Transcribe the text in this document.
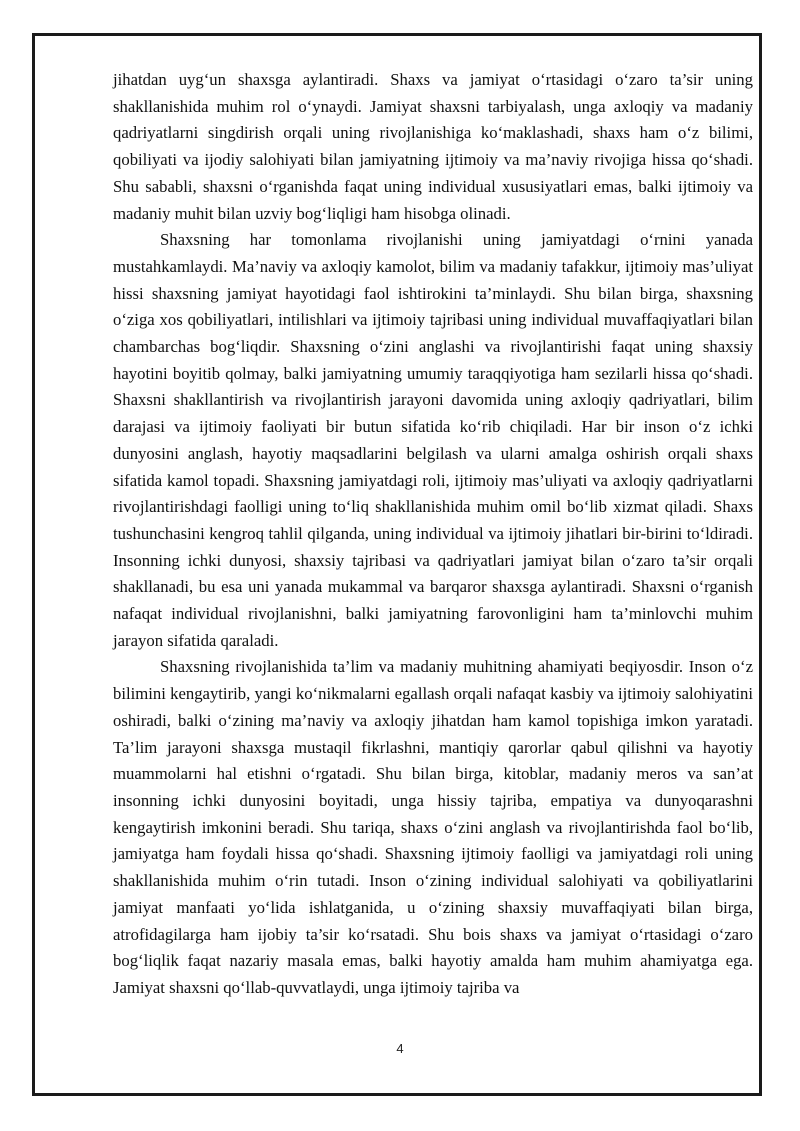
jihatdan uyg‘un shaxsga aylantiradi. Shaxs va jamiyat o‘rtasidagi o‘zaro ta’sir uning shakllanishida muhim rol o‘ynaydi. Jamiyat shaxsni tarbiyalash, unga axloqiy va madaniy qadriyatlarni singdirish orqali uning rivojlanishiga ko‘maklashadi, shaxs ham o‘z bilimi, qobiliyati va ijodiy salohiyati bilan jamiyatning ijtimoiy va ma’naviy rivojiga hissa qo‘shadi. Shu sababli, shaxsni o‘rganishda faqat uning individual xususiyatlari emas, balki ijtimoiy va madaniy muhit bilan uzviy bog‘liqligi ham hisobga olinadi.

Shaxsning har tomonlama rivojlanishi uning jamiyatdagi o‘rnini yanada mustahkamlaydi. Ma’naviy va axloqiy kamolot, bilim va madaniy tafakkur, ijtimoiy mas’uliyat hissi shaxsning jamiyat hayotidagi faol ishtirokini ta’minlaydi. Shu bilan birga, shaxsning o‘ziga xos qobiliyatlari, intilishlari va ijtimoiy tajribasi uning individual muvaffaqiyatlari bilan chambarchas bog‘liqdir. Shaxsning o‘zini anglashi va rivojlantirishi faqat uning shaxsiy hayotini boyitib qolmay, balki jamiyatning umumiy taraqqiyotiga ham sezilarli hissa qo‘shadi. Shaxsni shakllantirish va rivojlantirish jarayoni davomida uning axloqiy qadriyatlari, bilim darajasi va ijtimoiy faoliyati bir butun sifatida ko‘rib chiqiladi. Har bir inson o‘z ichki dunyosini anglash, hayotiy maqsadlarini belgilash va ularni amalga oshirish orqali shaxs sifatida kamol topadi. Shaxsning jamiyatdagi roli, ijtimoiy mas’uliyati va axloqiy qadriyatlarni rivojlantirishdagi faolligi uning to‘liq shakllanishida muhim omil bo‘lib xizmat qiladi. Shaxs tushunchasini kengroq tahlil qilganda, uning individual va ijtimoiy jihatlari bir-birini to‘ldiradi. Insonning ichki dunyosi, shaxsiy tajribasi va qadriyatlari jamiyat bilan o‘zaro ta’sir orqali shakllanadi, bu esa uni yanada mukammal va barqaror shaxsga aylantiradi. Shaxsni o‘rganish nafaqat individual rivojlanishni, balki jamiyatning farovonligini ham ta’minlovchi muhim jarayon sifatida qaraladi.

Shaxsning rivojlanishida ta’lim va madaniy muhitning ahamiyati beqiyosdir. Inson o‘z bilimini kengaytirib, yangi ko‘nikmalarni egallash orqali nafaqat kasbiy va ijtimoiy salohiyatini oshiradi, balki o‘zining ma’naviy va axloqiy jihatdan ham kamol topishiga imkon yaratadi. Ta’lim jarayoni shaxsga mustaqil fikrlashni, mantiqiy qarorlar qabul qilishni va hayotiy muammolarni hal etishni o‘rgatadi. Shu bilan birga, kitoblar, madaniy meros va san’at insonning ichki dunyosini boyitadi, unga hissiy tajriba, empatiya va dunyoqarashni kengaytirish imkonini beradi. Shu tariqa, shaxs o‘zini anglash va rivojlantirishda faol bo‘lib, jamiyatga ham foydali hissa qo‘shadi. Shaxsning ijtimoiy faolligi va jamiyatdagi roli uning shakllanishida muhim o‘rin tutadi. Inson o‘zining individual salohiyati va qobiliyatlarini jamiyat manfaati yo‘lida ishlatganida, u o‘zining shaxsiy muvaffaqiyati bilan birga, atrofidagilarga ham ijobiy ta’sir ko‘rsatadi. Shu bois shaxs va jamiyat o‘rtasidagi o‘zaro bog‘liqlik faqat nazariy masala emas, balki hayotiy amalda ham muhim ahamiyatga ega. Jamiyat shaxsni qo‘llab-quvvatlaydi, unga ijtimoiy tajriba va

4
